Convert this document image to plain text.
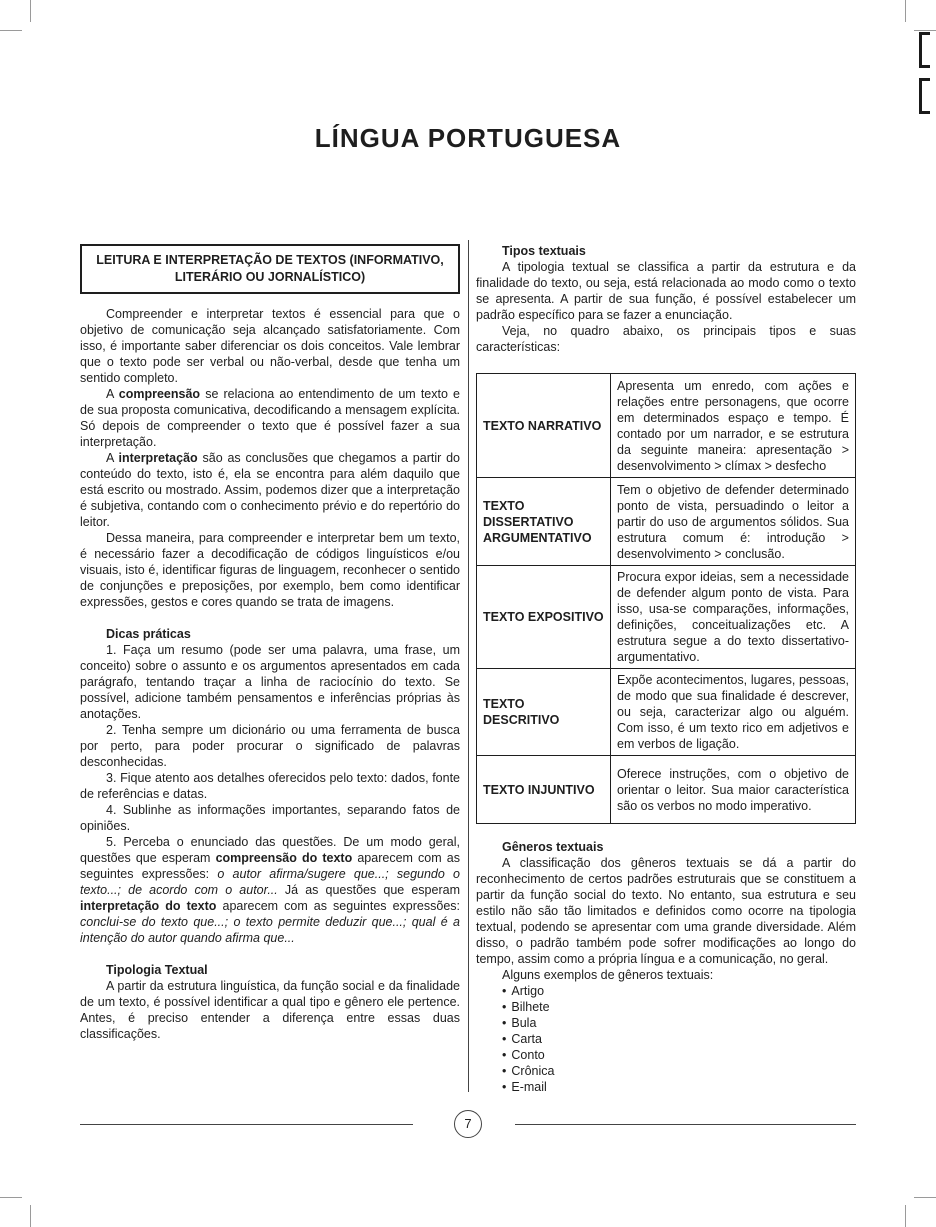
LÍNGUA PORTUGUESA
LEITURA E INTERPRETAÇÃO DE TEXTOS (INFORMATIVO, LITERÁRIO OU JORNALÍSTICO)

Compreender e interpretar textos é essencial para que o objetivo de comunicação seja alcançado satisfatoriamente. Com isso, é importante saber diferenciar os dois conceitos. Vale lembrar que o texto pode ser verbal ou não-verbal, desde que tenha um sentido completo.

A compreensão se relaciona ao entendimento de um texto e de sua proposta comunicativa, decodificando a mensagem explícita. Só depois de compreender o texto que é possível fazer a sua interpretação.

A interpretação são as conclusões que chegamos a partir do conteúdo do texto, isto é, ela se encontra para além daquilo que está escrito ou mostrado. Assim, podemos dizer que a interpretação é subjetiva, contando com o conhecimento prévio e do repertório do leitor.

Dessa maneira, para compreender e interpretar bem um texto, é necessário fazer a decodificação de códigos linguísticos e/ou visuais, isto é, identificar figuras de linguagem, reconhecer o sentido de conjunções e preposições, por exemplo, bem como identificar expressões, gestos e cores quando se trata de imagens.

Dicas práticas

1. Faça um resumo (pode ser uma palavra, uma frase, um conceito) sobre o assunto e os argumentos apresentados em cada parágrafo, tentando traçar a linha de raciocínio do texto. Se possível, adicione também pensamentos e inferências próprias às anotações.

2. Tenha sempre um dicionário ou uma ferramenta de busca por perto, para poder procurar o significado de palavras desconhecidas.

3. Fique atento aos detalhes oferecidos pelo texto: dados, fonte de referências e datas.

4. Sublinhe as informações importantes, separando fatos de opiniões.

5. Perceba o enunciado das questões. De um modo geral, questões que esperam compreensão do texto aparecem com as seguintes expressões: o autor afirma/sugere que...; segundo o texto...; de acordo com o autor... Já as questões que esperam interpretação do texto aparecem com as seguintes expressões: conclui-se do texto que...; o texto permite deduzir que...; qual é a intenção do autor quando afirma que...

Tipologia Textual

A partir da estrutura linguística, da função social e da finalidade de um texto, é possível identificar a qual tipo e gênero ele pertence. Antes, é preciso entender a diferença entre essas duas classificações.

Tipos textuais

A tipologia textual se classifica a partir da estrutura e da finalidade do texto, ou seja, está relacionada ao modo como o texto se apresenta. A partir de sua função, é possível estabelecer um padrão específico para se fazer a enunciação.

Veja, no quadro abaixo, os principais tipos e suas características:

TEXTO NARRATIVO	Apresenta um enredo, com ações e relações entre personagens, que ocorre em determinados espaço e tempo. É contado por um narrador, e se estrutura da seguinte maneira: apresentação > desenvolvimento > clímax > desfecho
TEXTO DISSERTATIVO ARGUMENTATIVO	Tem o objetivo de defender determinado ponto de vista, persuadindo o leitor a partir do uso de argumentos sólidos. Sua estrutura comum é: introdução > desenvolvimento > conclusão.
TEXTO EXPOSITIVO	Procura expor ideias, sem a necessidade de defender algum ponto de vista. Para isso, usa-se comparações, informações, definições, conceitualizações etc. A estrutura segue a do texto dissertativo-argumentativo.
TEXTO DESCRITIVO	Expõe acontecimentos, lugares, pessoas, de modo que sua finalidade é descrever, ou seja, caracterizar algo ou alguém. Com isso, é um texto rico em adjetivos e em verbos de ligação.
TEXTO INJUNTIVO	Oferece instruções, com o objetivo de orientar o leitor. Sua maior característica são os verbos no modo imperativo.

Gêneros textuais

A classificação dos gêneros textuais se dá a partir do reconhecimento de certos padrões estruturais que se constituem a partir da função social do texto. No entanto, sua estrutura e seu estilo não são tão limitados e definidos como ocorre na tipologia textual, podendo se apresentar com uma grande diversidade. Além disso, o padrão também pode sofrer modificações ao longo do tempo, assim como a própria língua e a comunicação, no geral.

Alguns exemplos de gêneros textuais:

• Artigo
• Bilhete
• Bula
• Carta
• Conto
• Crônica
• E-mail
7
